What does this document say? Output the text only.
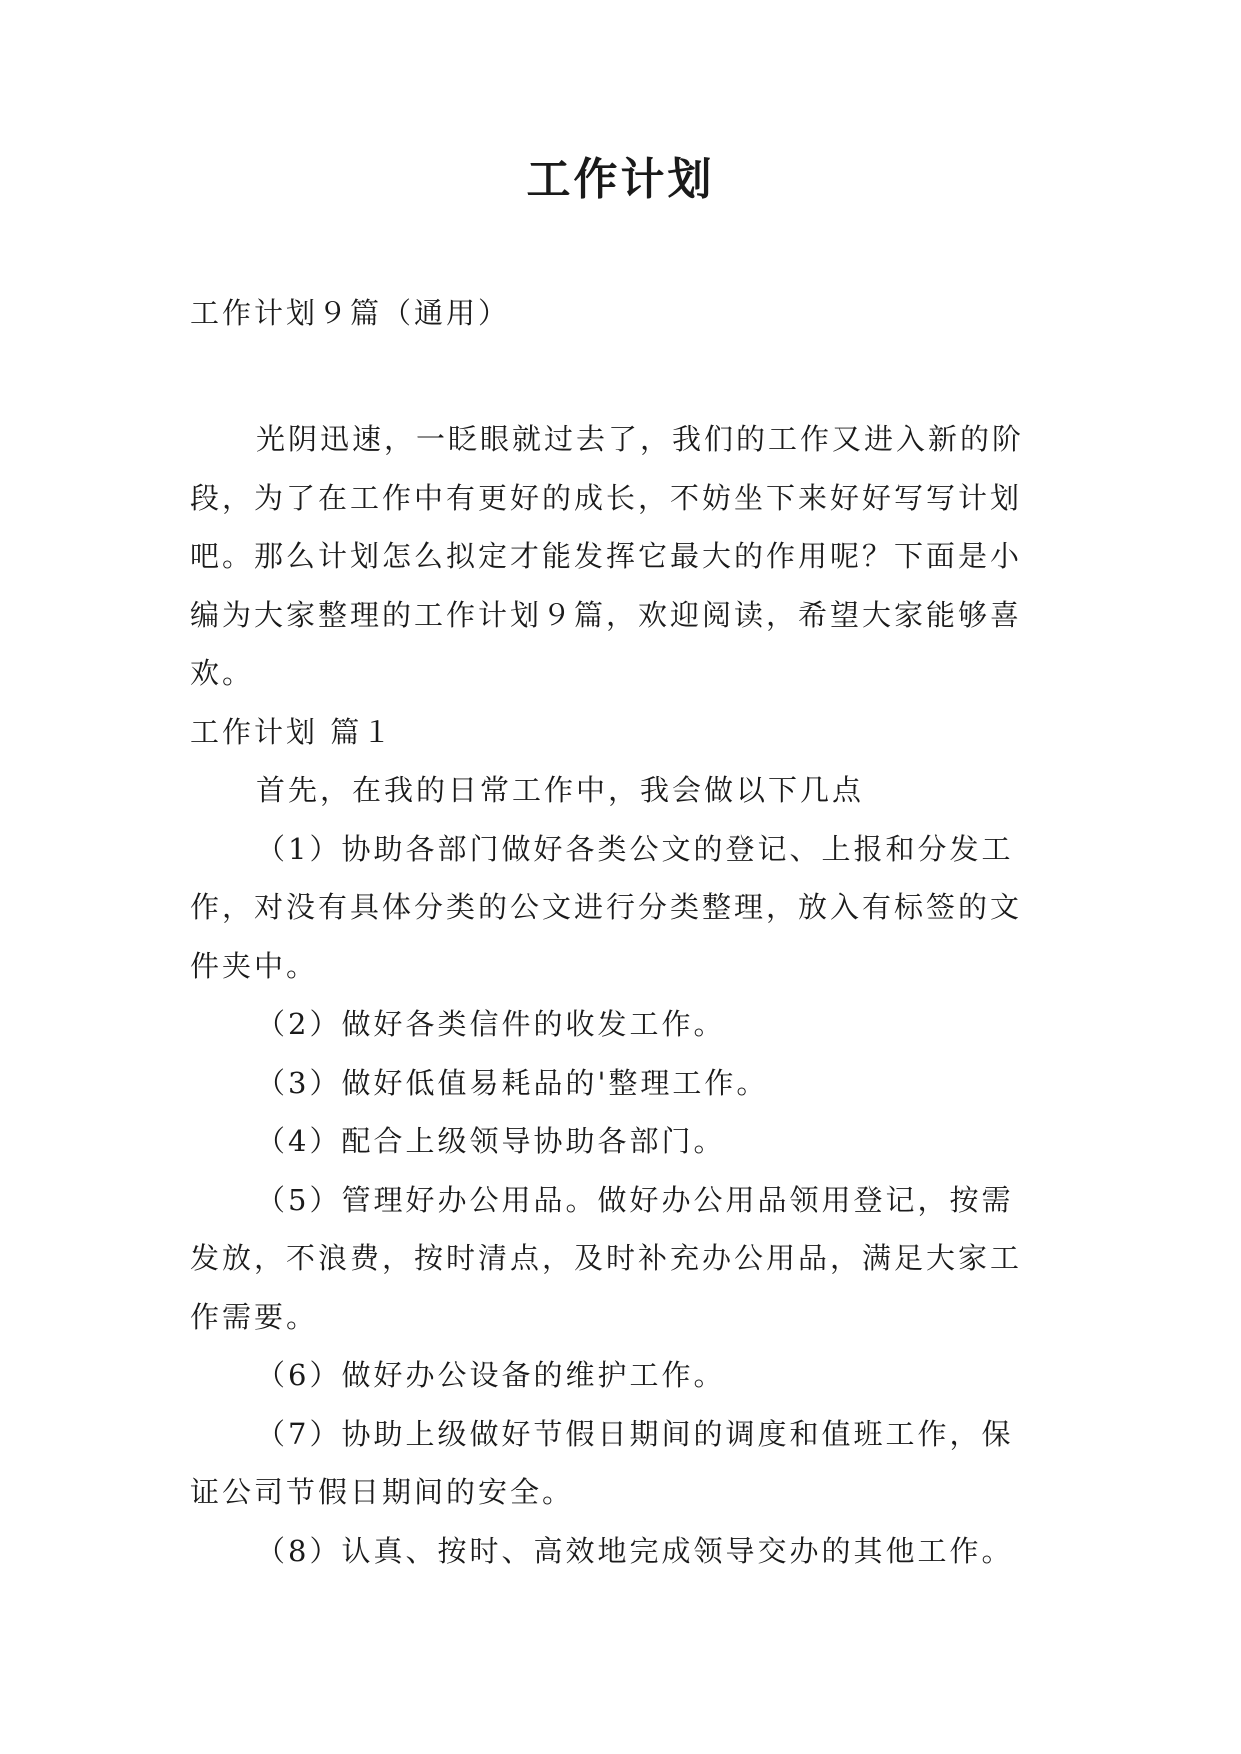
工作计划

工作计划９篇（通用）

光阴迅速，一眨眼就过去了，我们的工作又进入新的阶
段，为了在工作中有更好的成长，不妨坐下来好好写写计划
吧。那么计划怎么拟定才能发挥它最大的作用呢？下面是小
编为大家整理的工作计划９篇，欢迎阅读，希望大家能够喜
欢。

工作计划 篇１

首先，在我的日常工作中，我会做以下几点

（1）协助各部门做好各类公文的登记、上报和分发工
作，对没有具体分类的公文进行分类整理，放入有标签的文
件夹中。

（2）做好各类信件的收发工作。

（3）做好低值易耗品的'整理工作。

（4）配合上级领导协助各部门。

（5）管理好办公用品。做好办公用品领用登记，按需
发放，不浪费，按时清点，及时补充办公用品，满足大家工
作需要。

（6）做好办公设备的维护工作。

（7）协助上级做好节假日期间的调度和值班工作，保
证公司节假日期间的安全。

（8）认真、按时、高效地完成领导交办的其他工作。
